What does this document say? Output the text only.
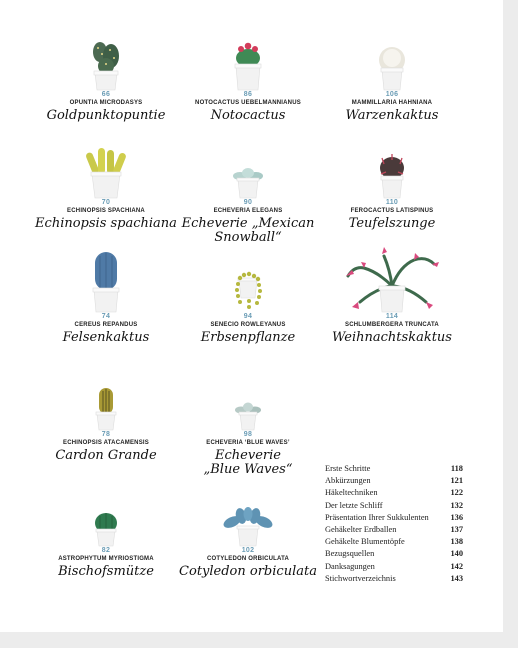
66
OPUNTIA MICRODASYS
Goldpunktopuntie
86
NOTOCACTUS UEBELMANNIANUS
Notocactus
106
MAMMILLARIA HAHNIANA
Warzenkaktus
70
ECHINOPSIS SPACHIANA
Echinopsis spachiana
90
ECHEVERIA ELEGANS
Echeverie „Mexican
Snowball“
110
FEROCACTUS LATISPINUS
Teufelszunge
74
CEREUS REPANDUS
Felsenkaktus
94
SENECIO ROWLEYANUS
Erbsenpflanze
114
SCHLUMBERGERA TRUNCATA
Weihnachtskaktus
78
ECHINOPSIS ATACAMENSIS
Cardon Grande
98
ECHEVERIA ‘BLUE WAVES’
Echeverie
„Blue Waves“
82
ASTROPHYTUM MYRIOSTIGMA
Bischofsmütze
102
COTYLEDON ORBICULATA
Cotyledon orbiculata
Erste Schritte	118
Abkürzungen	121
Häkeltechniken	122
Der letzte Schliff	132
Präsentation Ihrer Sukkulenten	136
Gehäkelter Erdballen	137
Gehäkelte Blumentöpfe	138
Bezugsquellen	140
Danksagungen	142
Stichwortverzeichnis	143
